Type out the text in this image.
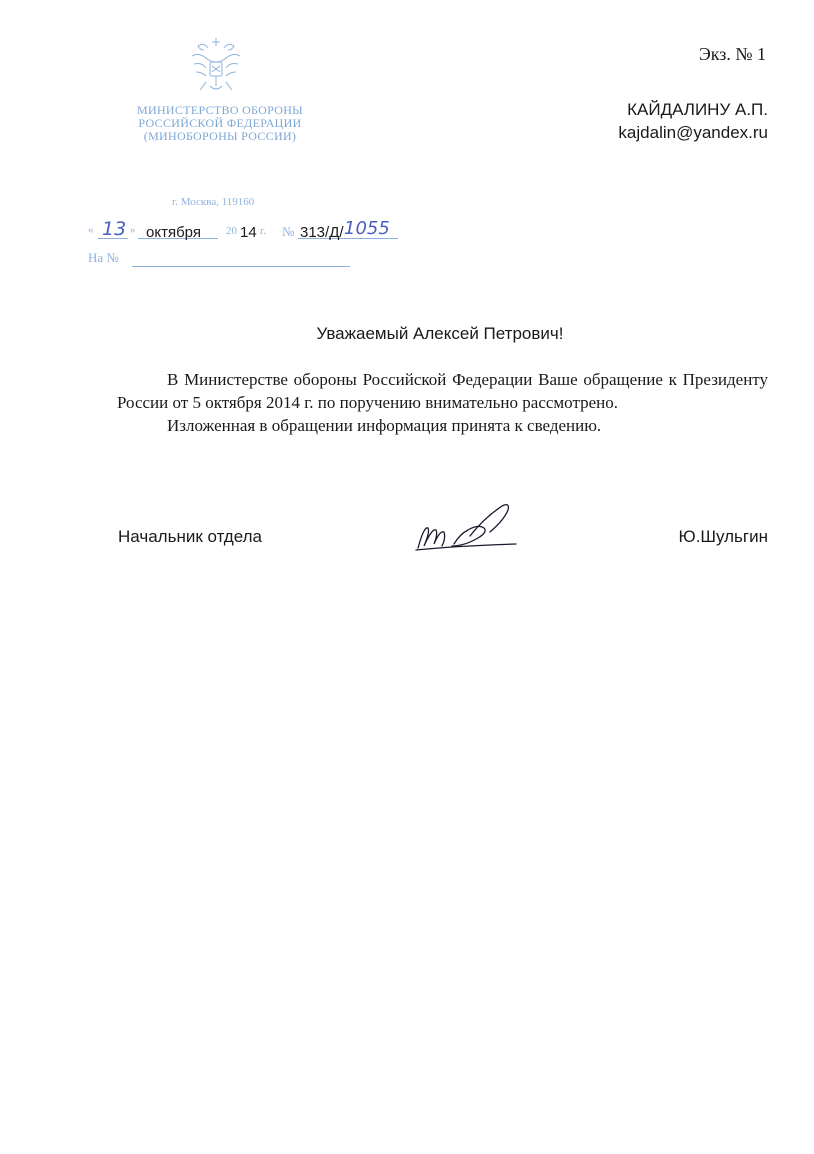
МИНИСТЕРСТВО ОБОРОНЫ
РОССИЙСКОЙ ФЕДЕРАЦИИ
(МИНОБОРОНЫ РОССИИ)
Экз. № 1
КАЙДАЛИНУ А.П.
kajdalin@yandex.ru
г. Москва, 119160
« 13 » октября 20 14 г. № 313/Д/ 1055
На №
Уважаемый Алексей Петрович!

В Министерстве обороны Российской Федерации Ваше обращение к Президенту России от 5 октября 2014 г. по поручению внимательно рассмотрено.

Изложенная в обращении информация принята к сведению.

Начальник отдела	Ю.Шульгин
